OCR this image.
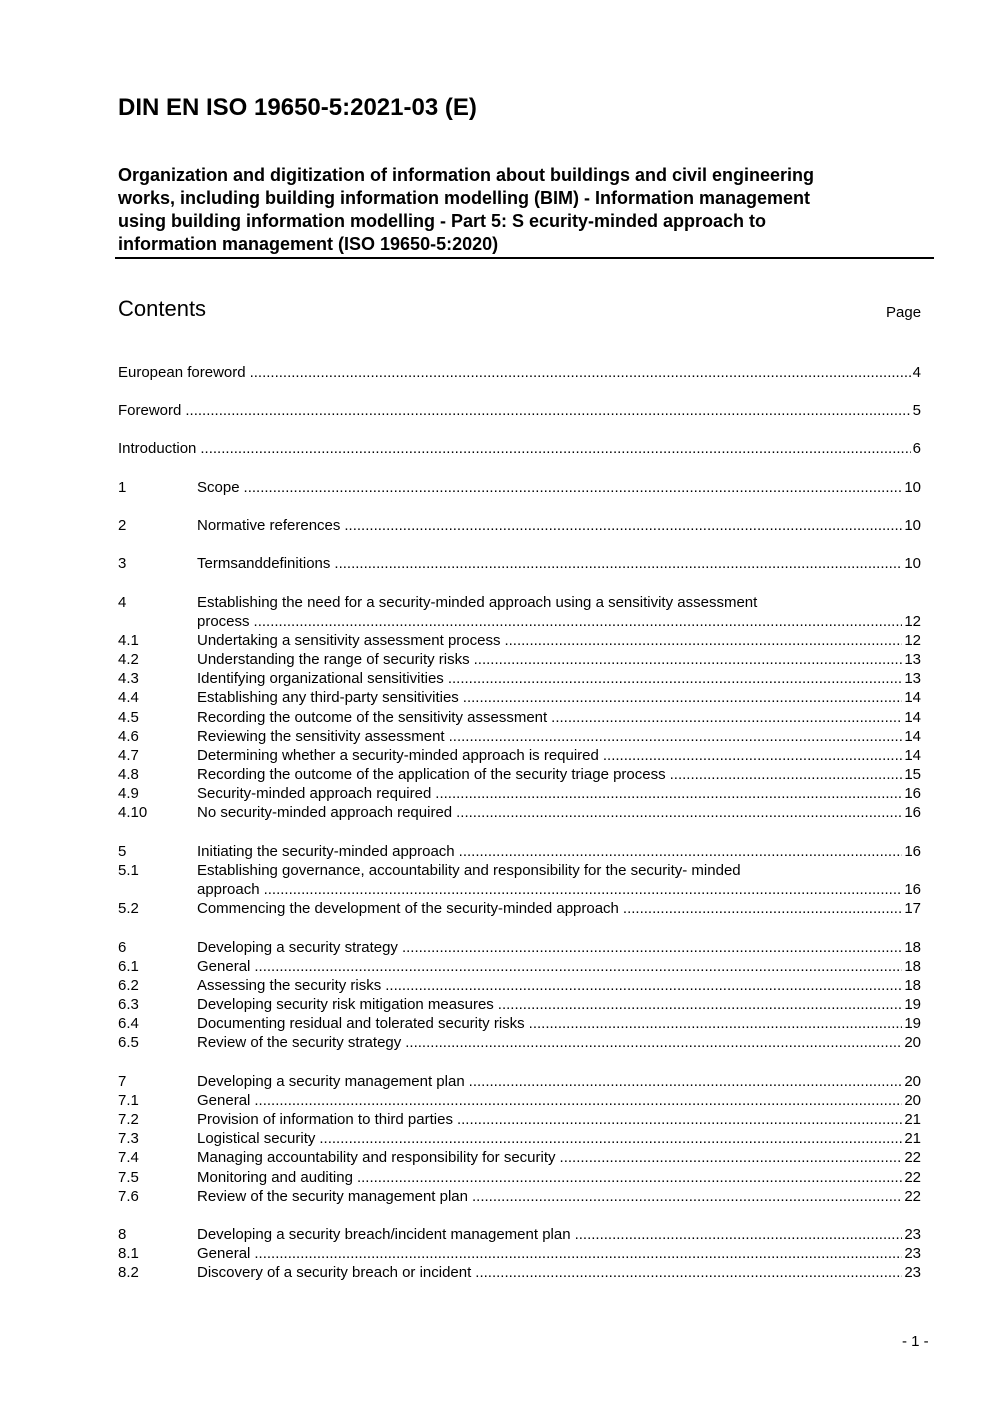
DIN EN ISO 19650-5:2021-03 (E)
Organization and digitization of information about buildings and civil engineering
works, including building information modelling (BIM) - Information management
using building information modelling - Part 5: S ecurity-minded approach to
information management (ISO 19650-5:2020)
Contents	Page
European foreword .....	4
Foreword .....	5
Introduction .....	6
1	Scope .....	10
2	Normative references .....	10
3	Termsanddefinitions .....	10
4	Establishing the need for a security-minded approach using a sensitivity assessment
process .....	12
4.1	Undertaking a sensitivity assessment process .....	12
4.2	Understanding the range of security risks .....	13
4.3	Identifying organizational sensitivities .....	13
4.4	Establishing any third-party sensitivities .....	14
4.5	Recording the outcome of the sensitivity assessment .....	14
4.6	Reviewing the sensitivity assessment .....	14
4.7	Determining whether a security-minded approach is required .....	14
4.8	Recording the outcome of the application of the security triage process .....	15
4.9	Security-minded approach required .....	16
4.10	No security-minded approach required .....	16
5	Initiating the security-minded approach .....	16
5.1	Establishing governance, accountability and responsibility for the security- minded
approach .....	16
5.2	Commencing the development of the security-minded approach .....	17
6	Developing a security strategy .....	18
6.1	General .....	18
6.2	Assessing the security risks .....	18
6.3	Developing security risk mitigation measures .....	19
6.4	Documenting residual and tolerated security risks .....	19
6.5	Review of the security strategy .....	20
7	Developing a security management plan .....	20
7.1	General .....	20
7.2	Provision of information to third parties .....	21
7.3	Logistical security .....	21
7.4	Managing accountability and responsibility for security .....	22
7.5	Monitoring and auditing .....	22
7.6	Review of the security management plan .....	22
8	Developing a security breach/incident management plan .....	23
8.1	General .....	23
8.2	Discovery of a security breach or incident .....	23
- 1 -
